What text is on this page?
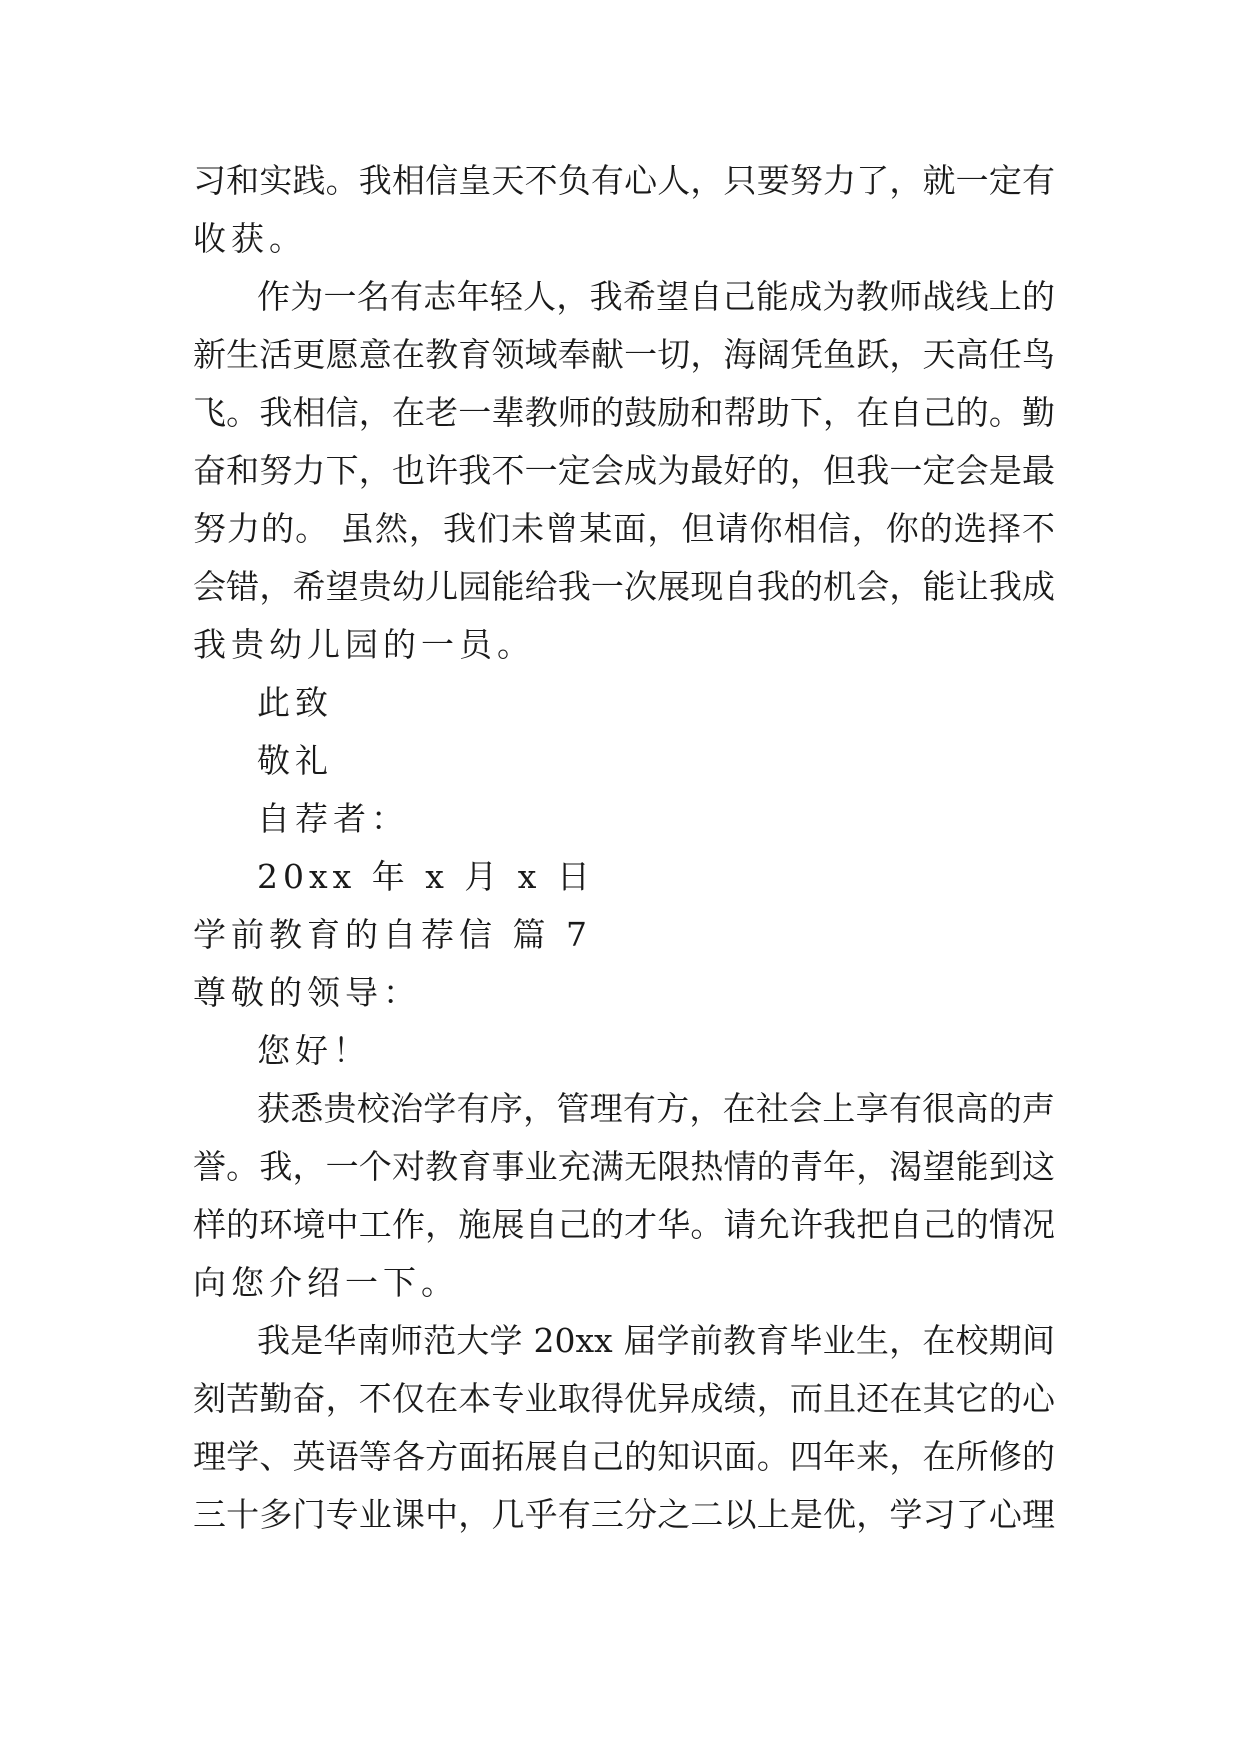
习和实践。我相信皇天不负有心人，只要努力了，就一定有
收获。
作为一名有志年轻人，我希望自己能成为教师战线上的
新生活更愿意在教育领域奉献一切，海阔凭鱼跃，天高任鸟
飞。我相信，在老一辈教师的鼓励和帮助下，在自己的。勤
奋和努力下，也许我不一定会成为最好的，但我一定会是最
努力的。 虽然，我们未曾某面，但请你相信，你的选择不
会错，希望贵幼儿园能给我一次展现自我的机会，能让我成
我贵幼儿园的一员。
此致
敬礼
自荐者：
20xx 年 x 月 x 日
学前教育的自荐信 篇 7
尊敬的领导：
您好！
获悉贵校治学有序，管理有方，在社会上享有很高的声
誉。我，一个对教育事业充满无限热情的青年，渴望能到这
样的环境中工作，施展自己的才华。请允许我把自己的情况
向您介绍一下。
我是华南师范大学 20xx 届学前教育毕业生，在校期间
刻苦勤奋，不仅在本专业取得优异成绩，而且还在其它的心
理学、英语等各方面拓展自己的知识面。四年来，在所修的
三十多门专业课中，几乎有三分之二以上是优，学习了心理
